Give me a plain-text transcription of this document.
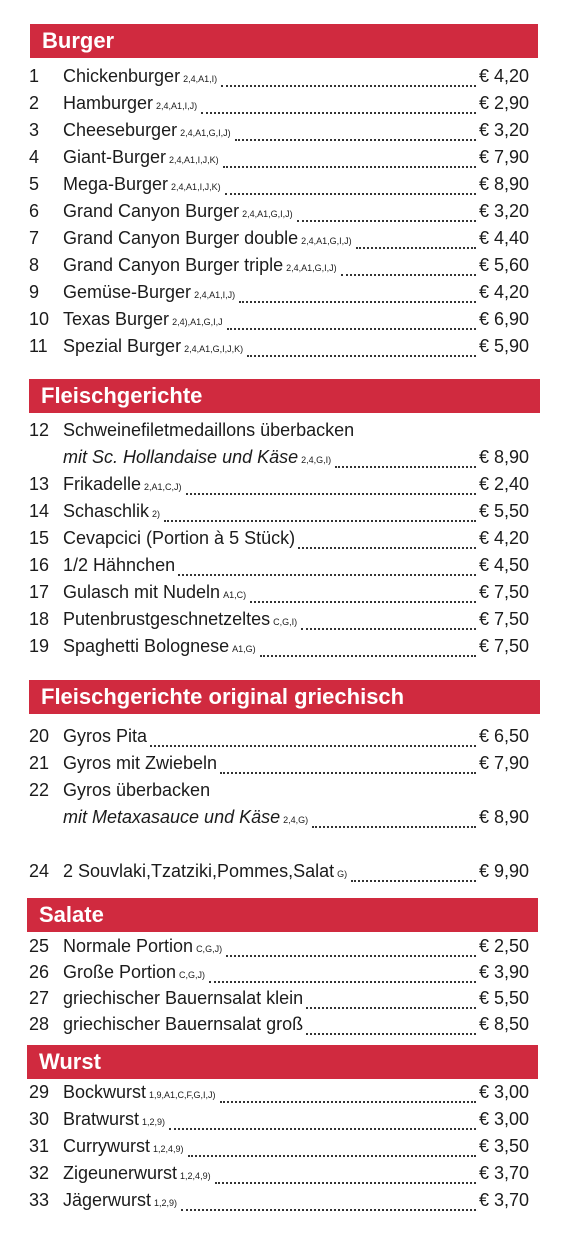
Burger
1	Chickenburger 2,4,A1,I)	€ 4,20
2	Hamburger 2,4,A1,I,J)	€ 2,90
3	Cheeseburger 2,4,A1,G,I,J)	€ 3,20
4	Giant-Burger 2,4,A1,I,J,K)	€ 7,90
5	Mega-Burger 2,4,A1,I,J,K)	€ 8,90
6	Grand Canyon Burger 2,4,A1,G,I,J)	€ 3,20
7	Grand Canyon Burger double 2,4,A1,G,I,J)	€ 4,40
8	Grand Canyon Burger triple 2,4,A1,G,I,J)	€ 5,60
9	Gemüse-Burger 2,4,A1,I,J)	€ 4,20
10 Texas Burger 2,4),A1,G,I,J	€ 6,90
11 Spezial Burger 2,4,A1,G,I,J,K)	€ 5,90
Fleischgerichte
12 Schweinefiletmedaillons überbacken
mit Sc. Hollandaise und Käse 2,4,G,I)	€ 8,90
13 Frikadelle 2,A1,C,J)	€ 2,40
14 Schaschlik 2)	€ 5,50
15 Cevapcici (Portion à 5 Stück)	€ 4,20
16 1/2 Hähnchen	€ 4,50
17 Gulasch mit Nudeln A1,C)	€ 7,50
18 Putenbrustgeschnetzeltes C,G,I)	€ 7,50
19 Spaghetti Bolognese A1,G)	€ 7,50
Fleischgerichte original griechisch
20 Gyros Pita	€ 6,50
21 Gyros mit Zwiebeln	€ 7,90
22 Gyros überbacken
mit Metaxasauce und Käse 2,4,G)	€ 8,90
24 2 Souvlaki,Tzatziki,Pommes,Salat G)	€ 9,90
Salate
25 Normale Portion C,G,J)	€ 2,50
26 Große Portion C,G,J)	€ 3,90
27 griechischer Bauernsalat klein	€ 5,50
28 griechischer Bauernsalat groß	€ 8,50
Wurst
29 Bockwurst 1,9,A1,C,F,G,I,J)	€ 3,00
30 Bratwurst 1,2,9)	€ 3,00
31 Currywurst 1,2,4,9)	€ 3,50
32 Zigeunerwurst 1,2,4,9)	€ 3,70
33 Jägerwurst 1,2,9)	€ 3,70
